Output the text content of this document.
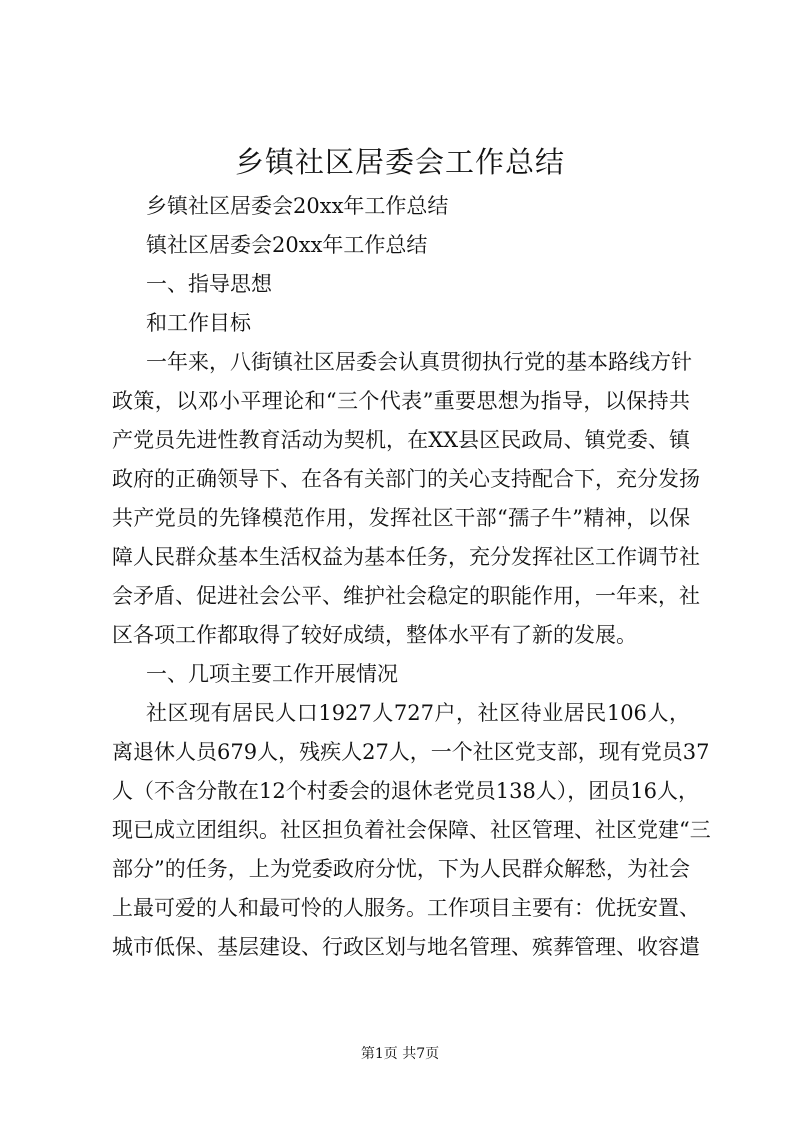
乡镇社区居委会工作总结
乡镇社区居委会20xx年工作总结
镇社区居委会20xx年工作总结
一、指导思想
和工作目标
一年来，八街镇社区居委会认真贯彻执行党的基本路线方针
政策，以邓小平理论和“三个代表”重要思想为指导，以保持共
产党员先进性教育活动为契机，在XX县区民政局、镇党委、镇
政府的正确领导下、在各有关部门的关心支持配合下，充分发扬
共产党员的先锋模范作用，发挥社区干部“孺子牛”精神，以保
障人民群众基本生活权益为基本任务，充分发挥社区工作调节社
会矛盾、促进社会公平、维护社会稳定的职能作用，一年来，社
区各项工作都取得了较好成绩，整体水平有了新的发展。
一、几项主要工作开展情况
社区现有居民人口1927人727户，社区待业居民106人，
离退休人员679人，残疾人27人，一个社区党支部，现有党员37
人（不含分散在12个村委会的退休老党员138人），团员16人，
现已成立团组织。社区担负着社会保障、社区管理、社区党建“三
部分”的任务，上为党委政府分忧，下为人民群众解愁，为社会
上最可爱的人和最可怜的人服务。工作项目主要有：优抚安置、
城市低保、基层建设、行政区划与地名管理、殡葬管理、收容遣
第1页 共7页
